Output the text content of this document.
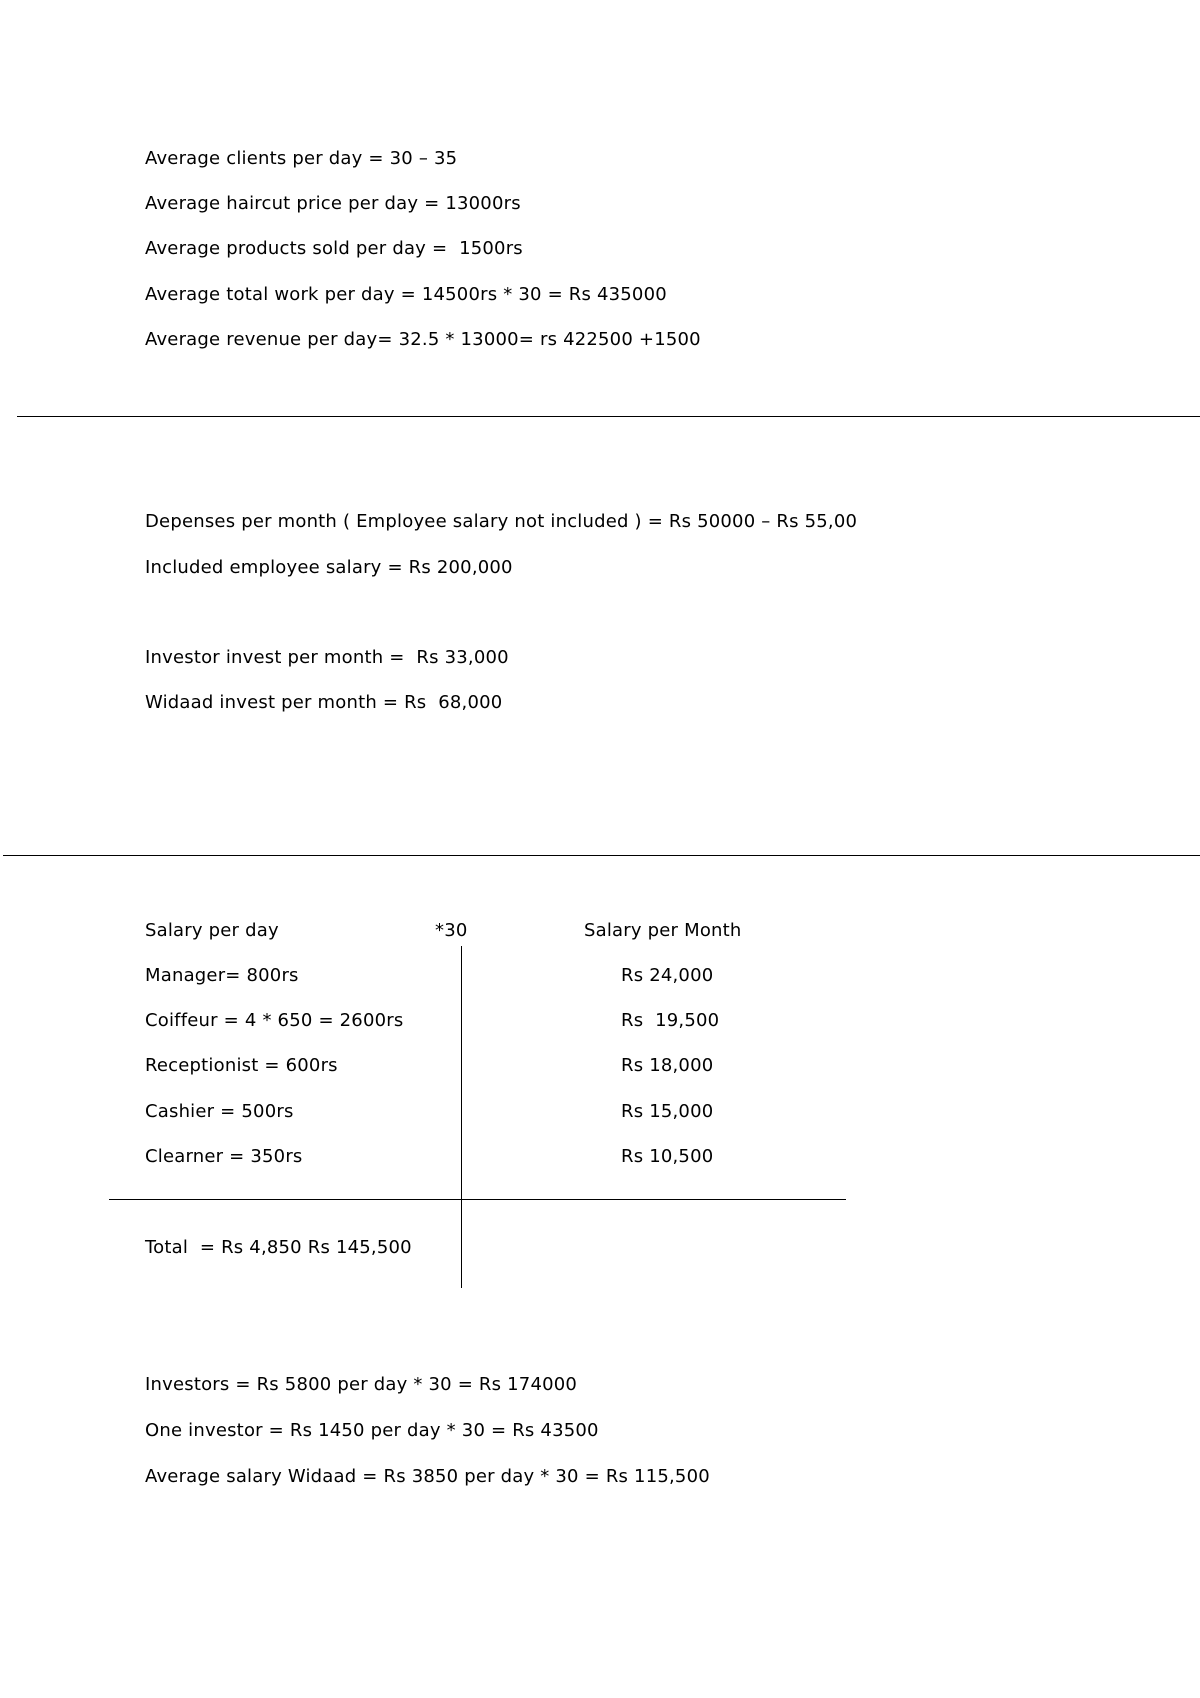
Average clients per day = 30 – 35
Average haircut price per day = 13000rs
Average products sold per day =  1500rs
Average total work per day = 14500rs * 30 = Rs 435000
Average revenue per day= 32.5 * 13000= rs 422500 +1500
Depenses per month ( Employee salary not included ) = Rs 50000 – Rs 55,00
Included employee salary = Rs 200,000
Investor invest per month =  Rs 33,000
Widaad invest per month = Rs  68,000
Salary per day	*30	Salary per Month
Manager= 800rs	Rs 24,000
Coiffeur = 4 * 650 = 2600rs	Rs  19,500
Receptionist = 600rs	Rs 18,000
Cashier = 500rs	Rs 15,000
Clearner = 350rs	Rs 10,500
Total  = Rs 4,850 Rs 145,500
Investors = Rs 5800 per day * 30 = Rs 174000
One investor = Rs 1450 per day * 30 = Rs 43500
Average salary Widaad = Rs 3850 per day * 30 = Rs 115,500
